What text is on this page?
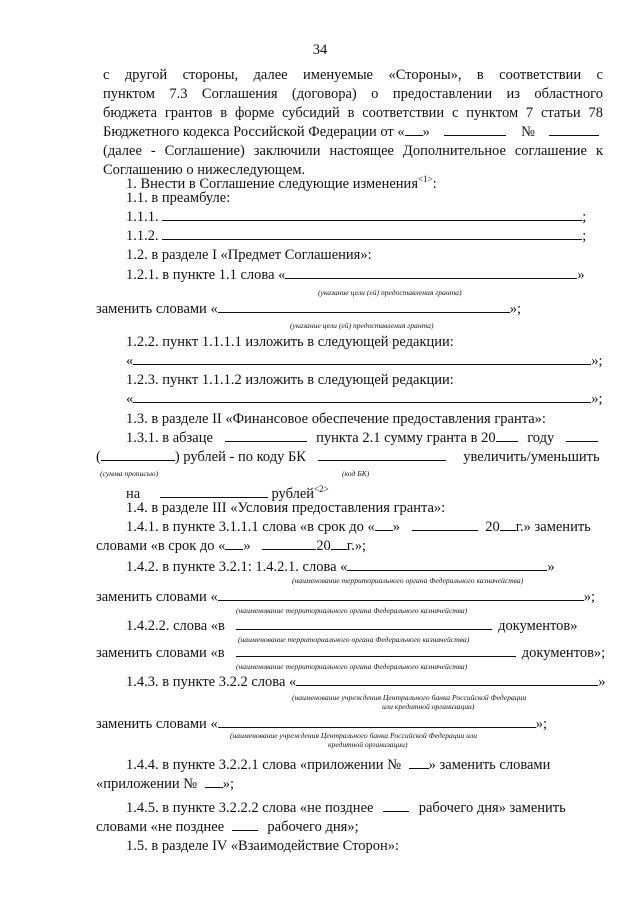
34
с другой стороны, далее именуемые «Стороны», в соответствии с
пунктом 7.3 Соглашения (договора) о предоставлении из областного
бюджета грантов в форме субсидий в соответствии с пунктом 7 статьи 78
Бюджетного кодекса Российской Федерации от « »	№
(далее - Соглашение) заключили настоящее Дополнительное соглашение к
Соглашению о нижеследующем.
1. Внести в Соглашение следующие изменения$^{<1>}$:
1.1. в преамбуле:
1.1.1.	;
1.1.2.	;
1.2. в разделе I «Предмет Соглашения»:
1.2.1. в пункте 1.1 слова «	»
(указание цели (ей) предоставления гранта)
заменить словами «	»;
(указание цели (ей) предоставления гранта)
1.2.2. пункт 1.1.1.1 изложить в следующей редакции:
«	»;
1.2.3. пункт 1.1.1.2 изложить в следующей редакции:
«	»;
1.3. в разделе II «Финансовое обеспечение предоставления гранта»:
1.3.1. в абзаце	пункта 2.1 сумму гранта в 20 году
(	) рублей - по коду БК	увеличить/уменьшить
(сумма прописью)	(код БК)
на	рублей$^{<2>}$
1.4. в разделе III «Условия предоставления гранта»:
1.4.1. в пункте 3.1.1.1 слова «в срок до « »	20 г.» заменить
словами «в срок до « »	20 г.»;
1.4.2. в пункте 3.2.1: 1.4.2.1. слова «	»
(наименование территориального органа Федерального казначейства)
заменить словами «	»;
(наименование территориального органа Федерального казначейства)
1.4.2.2. слова «в	документов»
(наименование территориального органа Федерального казначейства)
заменить словами «в	документов»;
(наименование территориального органа Федерального казначейства)
1.4.3. в пункте 3.2.2 слова «	»
(наименование учреждения Центрального банка Российской Федерации
или кредитной организации)
заменить словами «	»;
(наименование учреждения Центрального банка Российской Федерации или
кредитной организации)
1.4.4. в пункте 3.2.2.1 слова «приложении № » заменить словами
«приложении № »;
1.4.5. в пункте 3.2.2.2 слова «не позднее	рабочего дня» заменить
словами «не позднее	рабочего дня»;
1.5. в разделе IV «Взаимодействие Сторон»:
